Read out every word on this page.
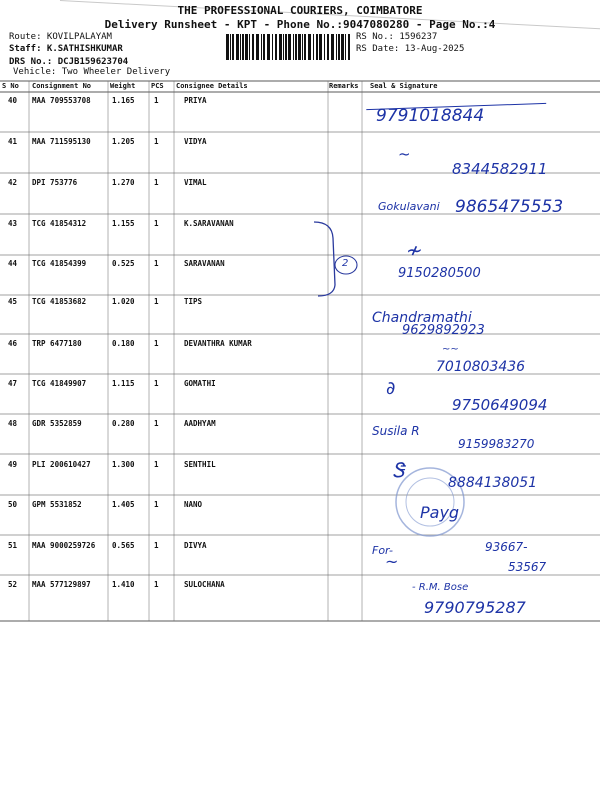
THE PROFESSIONAL COURIERS, COIMBATORE
Delivery Runsheet - KPT - Phone No.:9047080280 - Page No.:4
Route: KOVILPALAYAM
Staff: K.SATHISHKUMAR
DRS No.: DCJB159623704
Vehicle: Two Wheeler Delivery
RS No.: 1596237
RS Date: 13-Aug-2025
S No Consignment No	Weight PCS Consignee Details	Remarks Seal & Signature
40 MAA 709553708	1.165	1	PRIYA
41 MAA 711595130	1.205	1	VIDYA
42 DPI 753776	1.270	1	VIMAL
43 TCG 41854312	1.155	1	K.SARAVANAN
44 TCG 41854399	0.525	1	SARAVANAN
45 TCG 41853682	1.020	1	TIPS
46 TRP 6477180	0.180	1	DEVANTHRA KUMAR
47 TCG 41849907	1.115	1	GOMATHI
48 GDR 5352859	0.280	1	AADHYAM
49 PLI 200610427	1.300	1	SENTHIL
50 GPM 5531852	1.405	1	NANO
51 MAA 9000259726 0.565	1	DIVYA
52 MAA 577129897	1.410	1	SULOCHANA
2
9791018844
~
8344582911
Gokulavani 9865475553
≁
9150280500
Chandramathi
9629892923
~~
7010803436
∂
9750649094
Susila R
9159983270
Ꮥ
8884138051
Payg
For-
~
93667-
53567
- R.M. Bose
9790795287
